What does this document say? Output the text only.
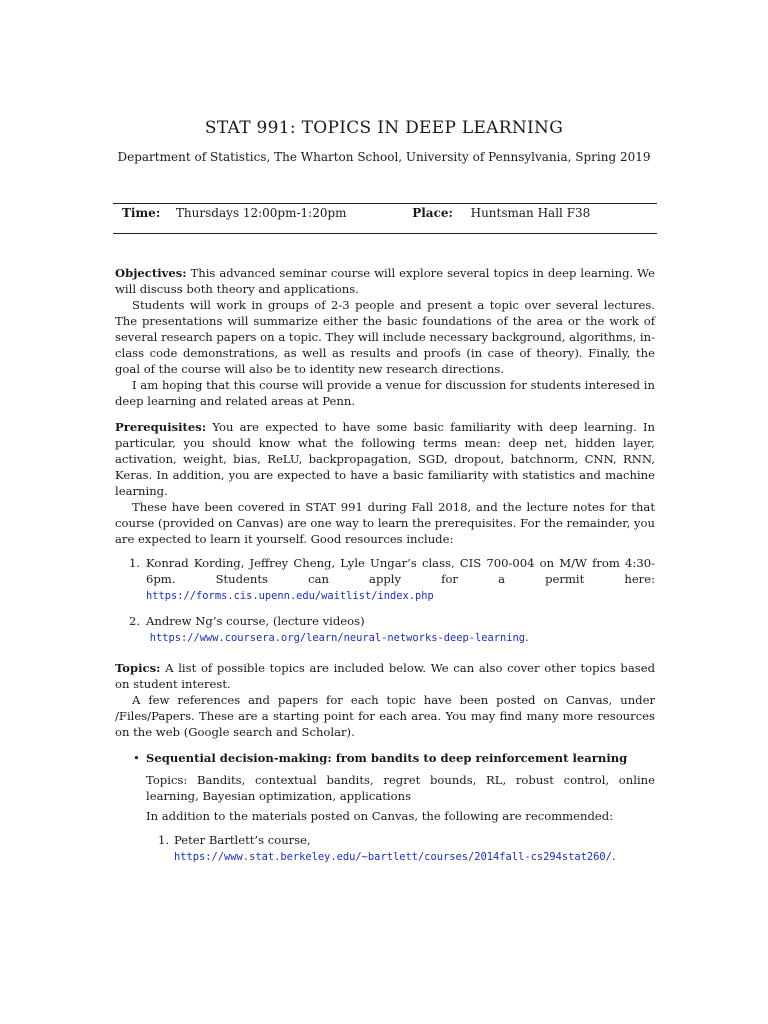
STAT 991: TOPICS IN DEEP LEARNING
Department of Statistics, The Wharton School, University of Pennsylvania, Spring 2019
Time: Thursdays 12:00pm-1:20pm	Place: Huntsman Hall F38

Objectives: This advanced seminar course will explore several topics in deep learning. We will discuss both theory and applications.

Students will work in groups of 2-3 people and present a topic over several lectures. The presentations will summarize either the basic foundations of the area or the work of several research papers on a topic. They will include necessary background, algorithms, in-class code demonstrations, as well as results and proofs (in case of theory). Finally, the goal of the course will also be to identity new research directions.

I am hoping that this course will provide a venue for discussion for students interesed in deep learning and related areas at Penn.

Prerequisites: You are expected to have some basic familiarity with deep learning. In particular, you should know what the following terms mean: deep net, hidden layer, activation, weight, bias, ReLU, backpropagation, SGD, dropout, batchnorm, CNN, RNN, Keras. In addition, you are expected to have a basic familiarity with statistics and machine learning.

These have been covered in STAT 991 during Fall 2018, and the lecture notes for that course (provided on Canvas) are one way to learn the prerequisites. For the remainder, you are expected to learn it yourself. Good resources include:

1. Konrad Kording, Jeffrey Cheng, Lyle Ungar’s class, CIS 700-004 on M/W from 4:30-6pm. Students can apply for a permit here: https://forms.cis.upenn.edu/waitlist/index.php
2. Andrew Ng’s course, (lecture videos)
https://www.coursera.org/learn/neural-networks-deep-learning.

Topics: A list of possible topics are included below. We can also cover other topics based on student interest.

A few references and papers for each topic have been posted on Canvas, under /Files/Papers. These are a starting point for each area. You may find many more resources on the web (Google search and Scholar).

• Sequential decision-making: from bandits to deep reinforcement learning

Topics: Bandits, contextual bandits, regret bounds, RL, robust control, online learning, Bayesian optimization, applications

In addition to the materials posted on Canvas, the following are recommended:

1. Peter Bartlett’s course,
https://www.stat.berkeley.edu/~bartlett/courses/2014fall-cs294stat260/.
